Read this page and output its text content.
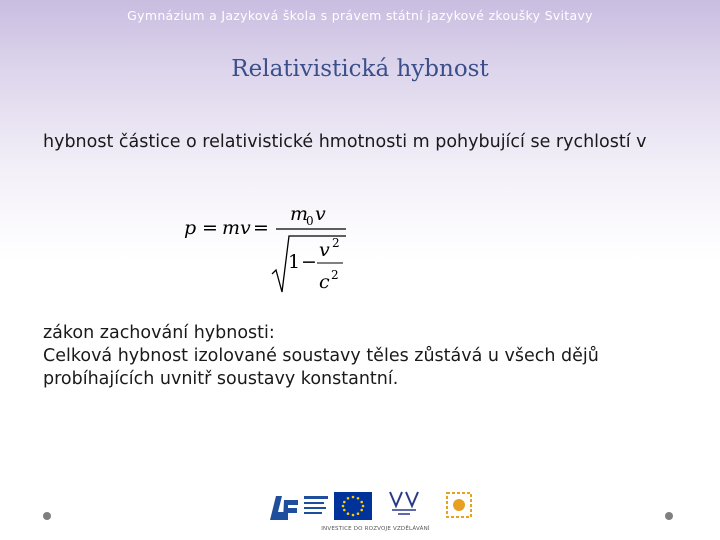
Gymnázium a Jazyková škola s právem státní jazykové zkoušky Svitavy
Relativistická hybnost
hybnost částice o relativistické hmotnosti m pohybující se rychlostí v
p = mv =
m
0 v
1 −
v 2
c 2
zákon zachování hybnosti:
Celková hybnost izolované soustavy těles zůstává u všech dějů probíhajících uvnitř soustavy konstantní.
INVESTICE DO ROZVOJE VZDĚLÁVÁNÍ
